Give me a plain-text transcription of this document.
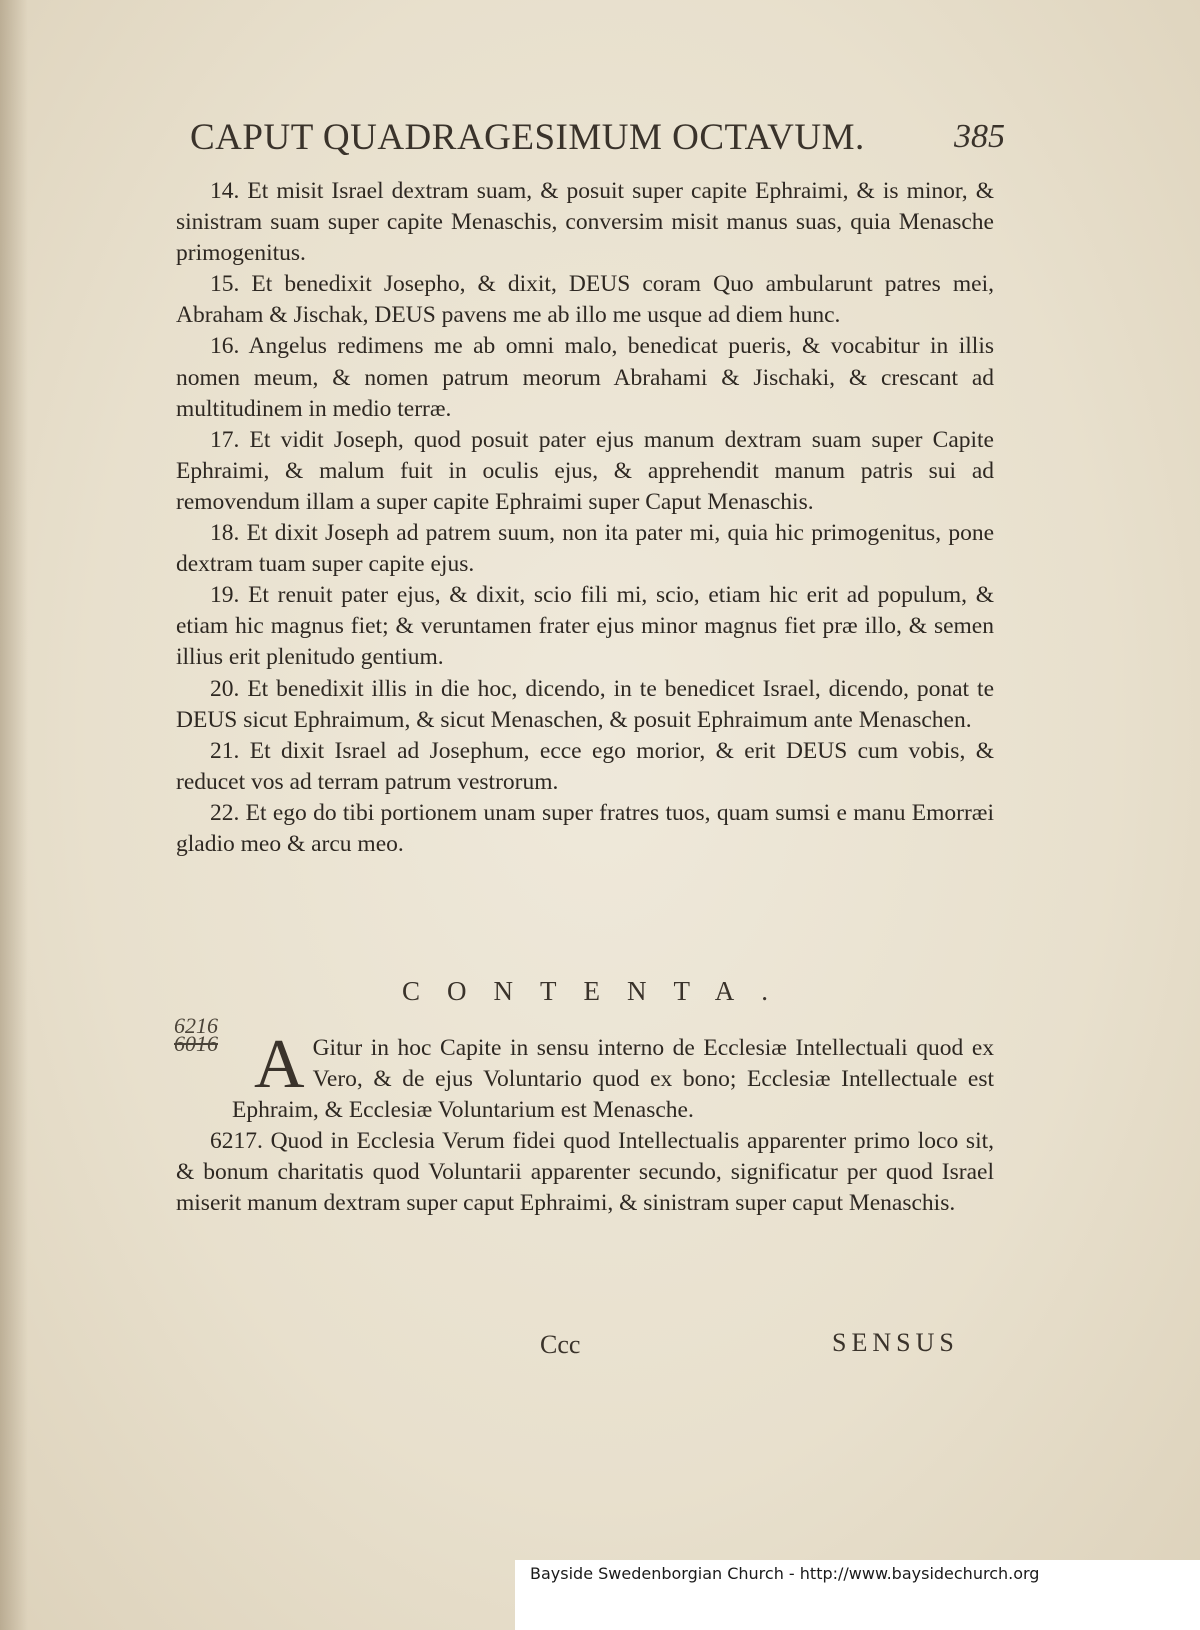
CAPUT QUADRAGESIMUM OCTAVUM.	385

14. Et misit Israel dextram suam, & posuit super capite Ephraimi, & is minor, & sinistram suam super capite Menaschis, conversim misit manus suas, quia Menasche primogenitus.

15. Et benedixit Josepho, & dixit, DEUS coram Quo ambularunt patres mei, Abraham & Jischak, DEUS pavens me ab illo me usque ad diem hunc.

16. Angelus redimens me ab omni malo, benedicat pueris, & vocabitur in illis nomen meum, & nomen patrum meorum Abrahami & Jischaki, & crescant ad multitudinem in medio terræ.

17. Et vidit Joseph, quod posuit pater ejus manum dextram suam super Capite Ephraimi, & malum fuit in oculis ejus, & apprehendit manum patris sui ad removendum illam a super capite Ephraimi super Caput Menaschis.

18. Et dixit Joseph ad patrem suum, non ita pater mi, quia hic primogenitus, pone dextram tuam super capite ejus.

19. Et renuit pater ejus, & dixit, scio fili mi, scio, etiam hic erit ad populum, & etiam hic magnus fiet; & veruntamen frater ejus minor magnus fiet præ illo, & semen illius erit plenitudo gentium.

20. Et benedixit illis in die hoc, dicendo, in te benedicet Israel, dicendo, ponat te DEUS sicut Ephraimum, & sicut Menaschen, & posuit Ephraimum ante Menaschen.

21. Et dixit Israel ad Josephum, ecce ego morior, & erit DEUS cum vobis, & reducet vos ad terram patrum vestrorum.

22. Et ego do tibi portionem unam super fratres tuos, quam sumsi e manu Emorræi gladio meo & arcu meo.

CONTENTA.

6216
6016 A Gitur in hoc Capite in sensu interno de Ecclesiæ Intellectuali quod ex Vero, & de ejus Voluntario quod ex bono; Ecclesiæ Intellectuale est Ephraim, & Ecclesiæ Voluntarium est Menasche.

6217. Quod in Ecclesia Verum fidei quod Intellectualis apparenter primo loco sit, & bonum charitatis quod Voluntarii apparenter secundo, significatur per quod Israel miserit manum dextram super caput Ephraimi, & sinistram super caput Menaschis.

Ccc	SENSUS
Bayside Swedenborgian Church - http://www.baysidechurch.org
